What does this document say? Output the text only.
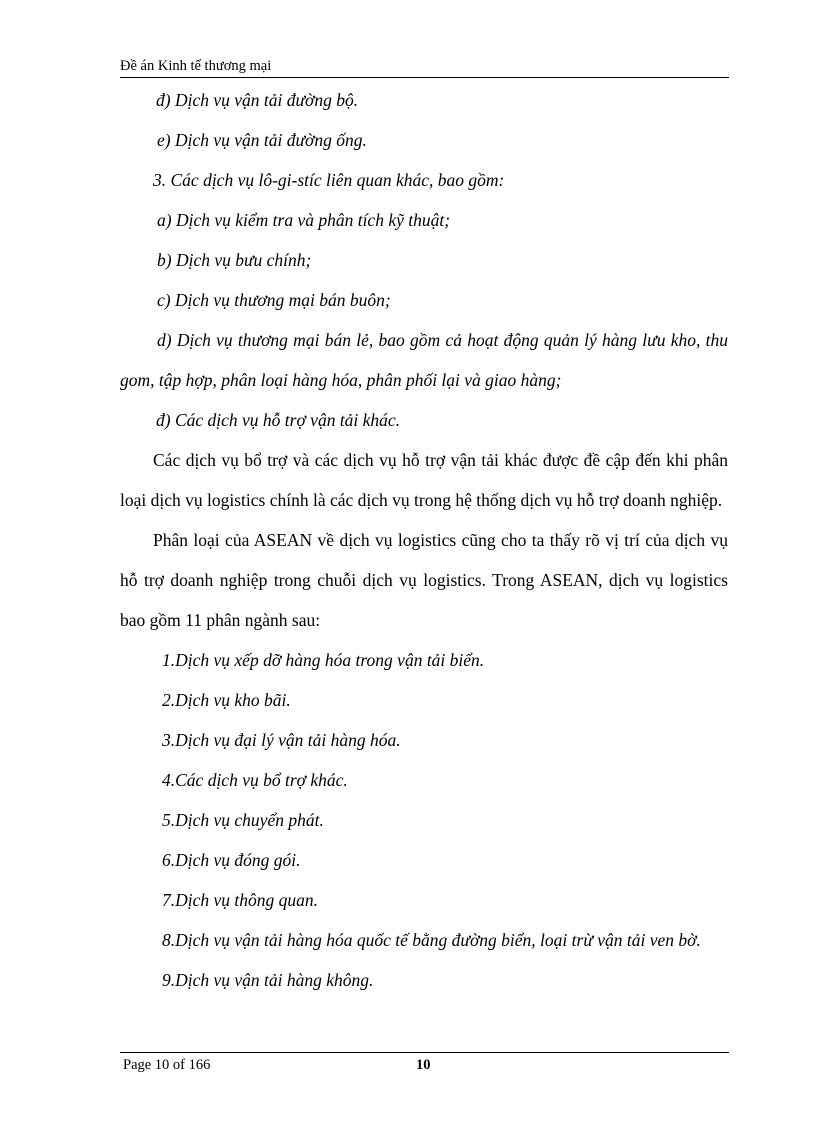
Đề án Kinh tế thương mại

đ) Dịch vụ vận tải đường bộ.

e) Dịch vụ vận tải đường ống.

3. Các dịch vụ lô-gi-stíc liên quan khác, bao gồm:

a) Dịch vụ kiểm tra và phân tích kỹ thuật;

b) Dịch vụ bưu chính;

c) Dịch vụ thương mại bán buôn;

d) Dịch vụ thương mại bán lẻ, bao gồm cả hoạt động quản lý hàng lưu kho, thu gom, tập hợp, phân loại hàng hóa, phân phối lại và giao hàng;

đ) Các dịch vụ hỗ trợ vận tải khác.

Các dịch vụ bổ trợ và các dịch vụ hỗ trợ vận tải khác được đề cập đến khi phân loại dịch vụ logistics chính là các dịch vụ trong hệ thống dịch vụ hỗ trợ doanh nghiệp.

Phân loại của ASEAN về dịch vụ logistics cũng cho ta thấy rõ vị trí của dịch vụ hỗ trợ doanh nghiệp trong chuỗi dịch vụ logistics. Trong ASEAN, dịch vụ logistics bao gồm 11 phân ngành sau:

1.Dịch vụ xếp dỡ hàng hóa trong vận tải biển.

2.Dịch vụ kho bãi.

3.Dịch vụ đại lý vận tải hàng hóa.

4.Các dịch vụ bổ trợ khác.

5.Dịch vụ chuyển phát.

6.Dịch vụ đóng gói.

7.Dịch vụ thông quan.

8.Dịch vụ vận tải hàng hóa quốc tế bằng đường biển, loại trừ vận tải ven bờ.

9.Dịch vụ vận tải hàng không.

Page 10 of 166	10
